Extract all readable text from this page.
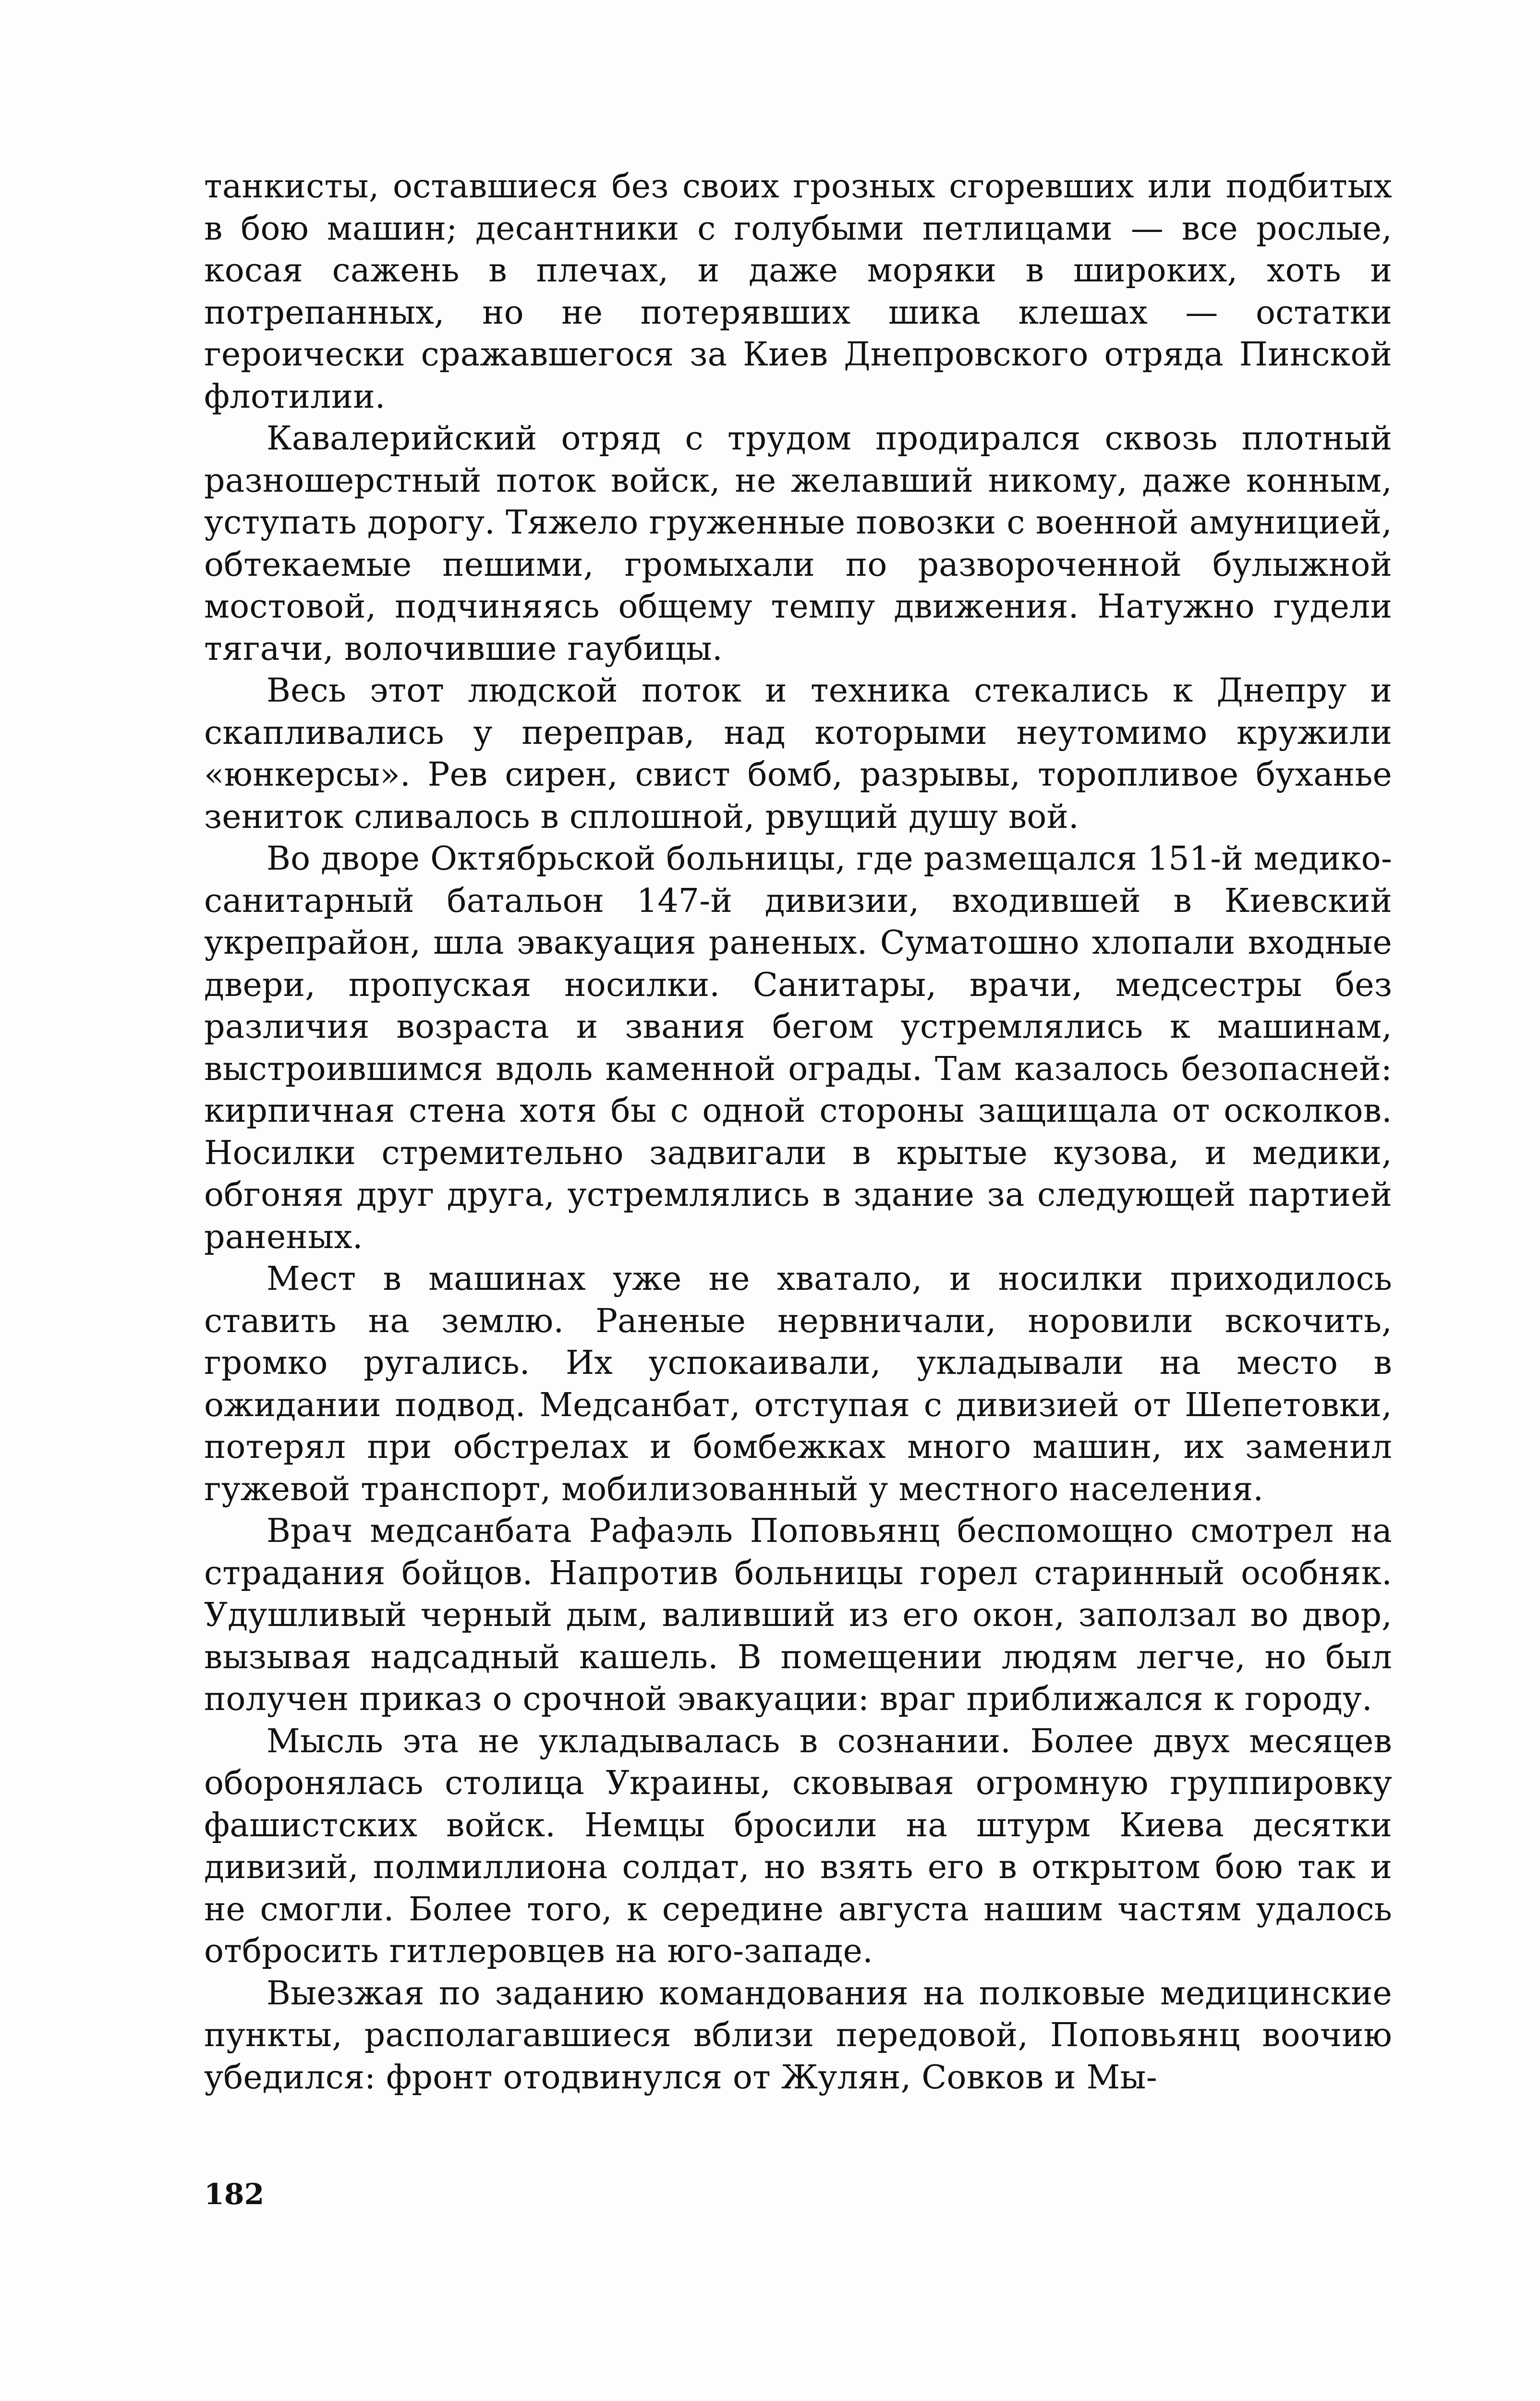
танкисты, оставшиеся без своих грозных сгоревших или подбитых в бою машин; десантники с голубыми петлицами — все рослые, косая сажень в плечах, и даже моряки в широких, хоть и потрепанных, но не потерявших шика клешах — остатки героически сражавшегося за Киев Днепровского отряда Пинской флотилии.

Кавалерийский отряд с трудом продирался сквозь плотный разношерстный поток войск, не желавший никому, даже конным, уступать дорогу. Тяжело груженные повозки с военной амуницией, обтекаемые пешими, громыхали по развороченной булыжной мостовой, подчиняясь общему темпу движения. Натужно гудели тягачи, волочившие гаубицы.

Весь этот людской поток и техника стекались к Днепру и скапливались у переправ, над которыми неутомимо кружили «юнкерсы». Рев сирен, свист бомб, разрывы, торопливое буханье зениток сливалось в сплошной, рвущий душу вой.

Во дворе Октябрьской больницы, где размещался 151-й медико-санитарный батальон 147-й дивизии, входившей в Киевский укрепрайон, шла эвакуация раненых. Суматошно хлопали входные двери, пропуская носилки. Санитары, врачи, медсестры без различия возраста и звания бегом устремлялись к машинам, выстроившимся вдоль каменной ограды. Там казалось безопасней: кирпичная стена хотя бы с одной стороны защищала от осколков. Носилки стремительно задвигали в крытые кузова, и медики, обгоняя друг друга, устремлялись в здание за следующей партией раненых.

Мест в машинах уже не хватало, и носилки приходилось ставить на землю. Раненые нервничали, норовили вскочить, громко ругались. Их успокаивали, укладывали на место в ожидании подвод. Медсанбат, отступая с дивизией от Шепетовки, потерял при обстрелах и бомбежках много машин, их заменил гужевой транспорт, мобилизованный у местного населения.

Врач медсанбата Рафаэль Поповьянц беспомощно смотрел на страдания бойцов. Напротив больницы горел старинный особняк. Удушливый черный дым, валивший из его окон, заползал во двор, вызывая надсадный кашель. В помещении людям легче, но был получен приказ о срочной эвакуации: враг приближался к городу.

Мысль эта не укладывалась в сознании. Более двух месяцев оборонялась столица Украины, сковывая огромную группировку фашистских войск. Немцы бросили на штурм Киева десятки дивизий, полмиллиона солдат, но взять его в открытом бою так и не смогли. Более того, к середине августа нашим частям удалось отбросить гитлеровцев на юго-западе.

Выезжая по заданию командования на полковые медицинские пункты, располагавшиеся вблизи передовой, Поповьянц воочию убедился: фронт отодвинулся от Жулян, Совков и Мы-

182
